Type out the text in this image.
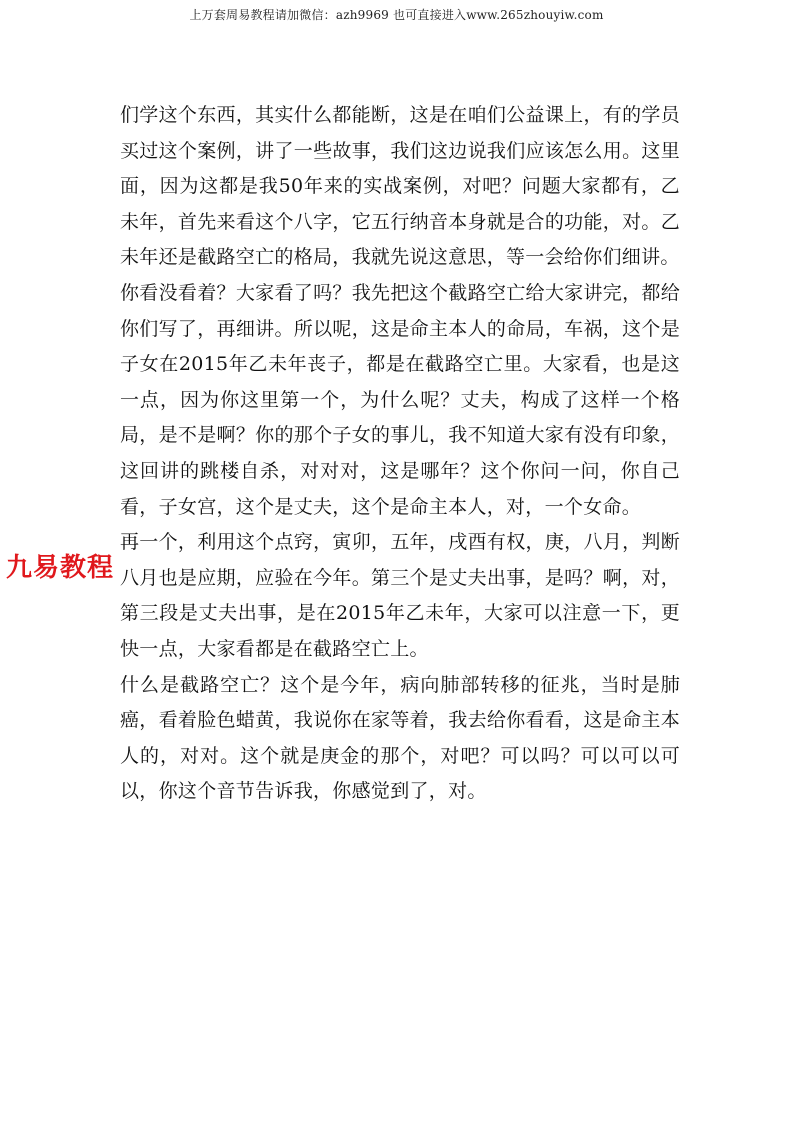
上万套周易教程请加微信：azh9969 也可直接进入www.265zhouyiw.com

们学这个东西，其实什么都能断，这是在咱们公益课上，有的学员买过这个案例，讲了一些故事，我们这边说我们应该怎么用。这里面，因为这都是我50年来的实战案例，对吧？问题大家都有，乙未年，首先来看这个八字，它五行纳音本身就是合的功能，对。乙未年还是截路空亡的格局，我就先说这意思，等一会给你们细讲。

你看没看着？大家看了吗？我先把这个截路空亡给大家讲完，都给你们写了，再细讲。所以呢，这是命主本人的命局，车祸，这个是子女在2015年乙未年丧子，都是在截路空亡里。大家看，也是这一点，因为你这里第一个，为什么呢？丈夫，构成了这样一个格局，是不是啊？你的那个子女的事儿，我不知道大家有没有印象，这回讲的跳楼自杀，对对对，这是哪年？这个你问一问，你自己看，子女宫，这个是丈夫，这个是命主本人，对，一个女命。

再一个，利用这个点窍，寅卯，五年，戌酉有权，庚，八月，判断八月也是应期，应验在今年。第三个是丈夫出事，是吗？啊，对，第三段是丈夫出事，是在2015年乙未年，大家可以注意一下，更快一点，大家看都是在截路空亡上。

什么是截路空亡？这个是今年，病向肺部转移的征兆，当时是肺癌，看着脸色蜡黄，我说你在家等着，我去给你看看，这是命主本人的，对对。这个就是庚金的那个，对吧？可以吗？可以可以可以，你这个音节告诉我，你感觉到了，对。

九易教程
